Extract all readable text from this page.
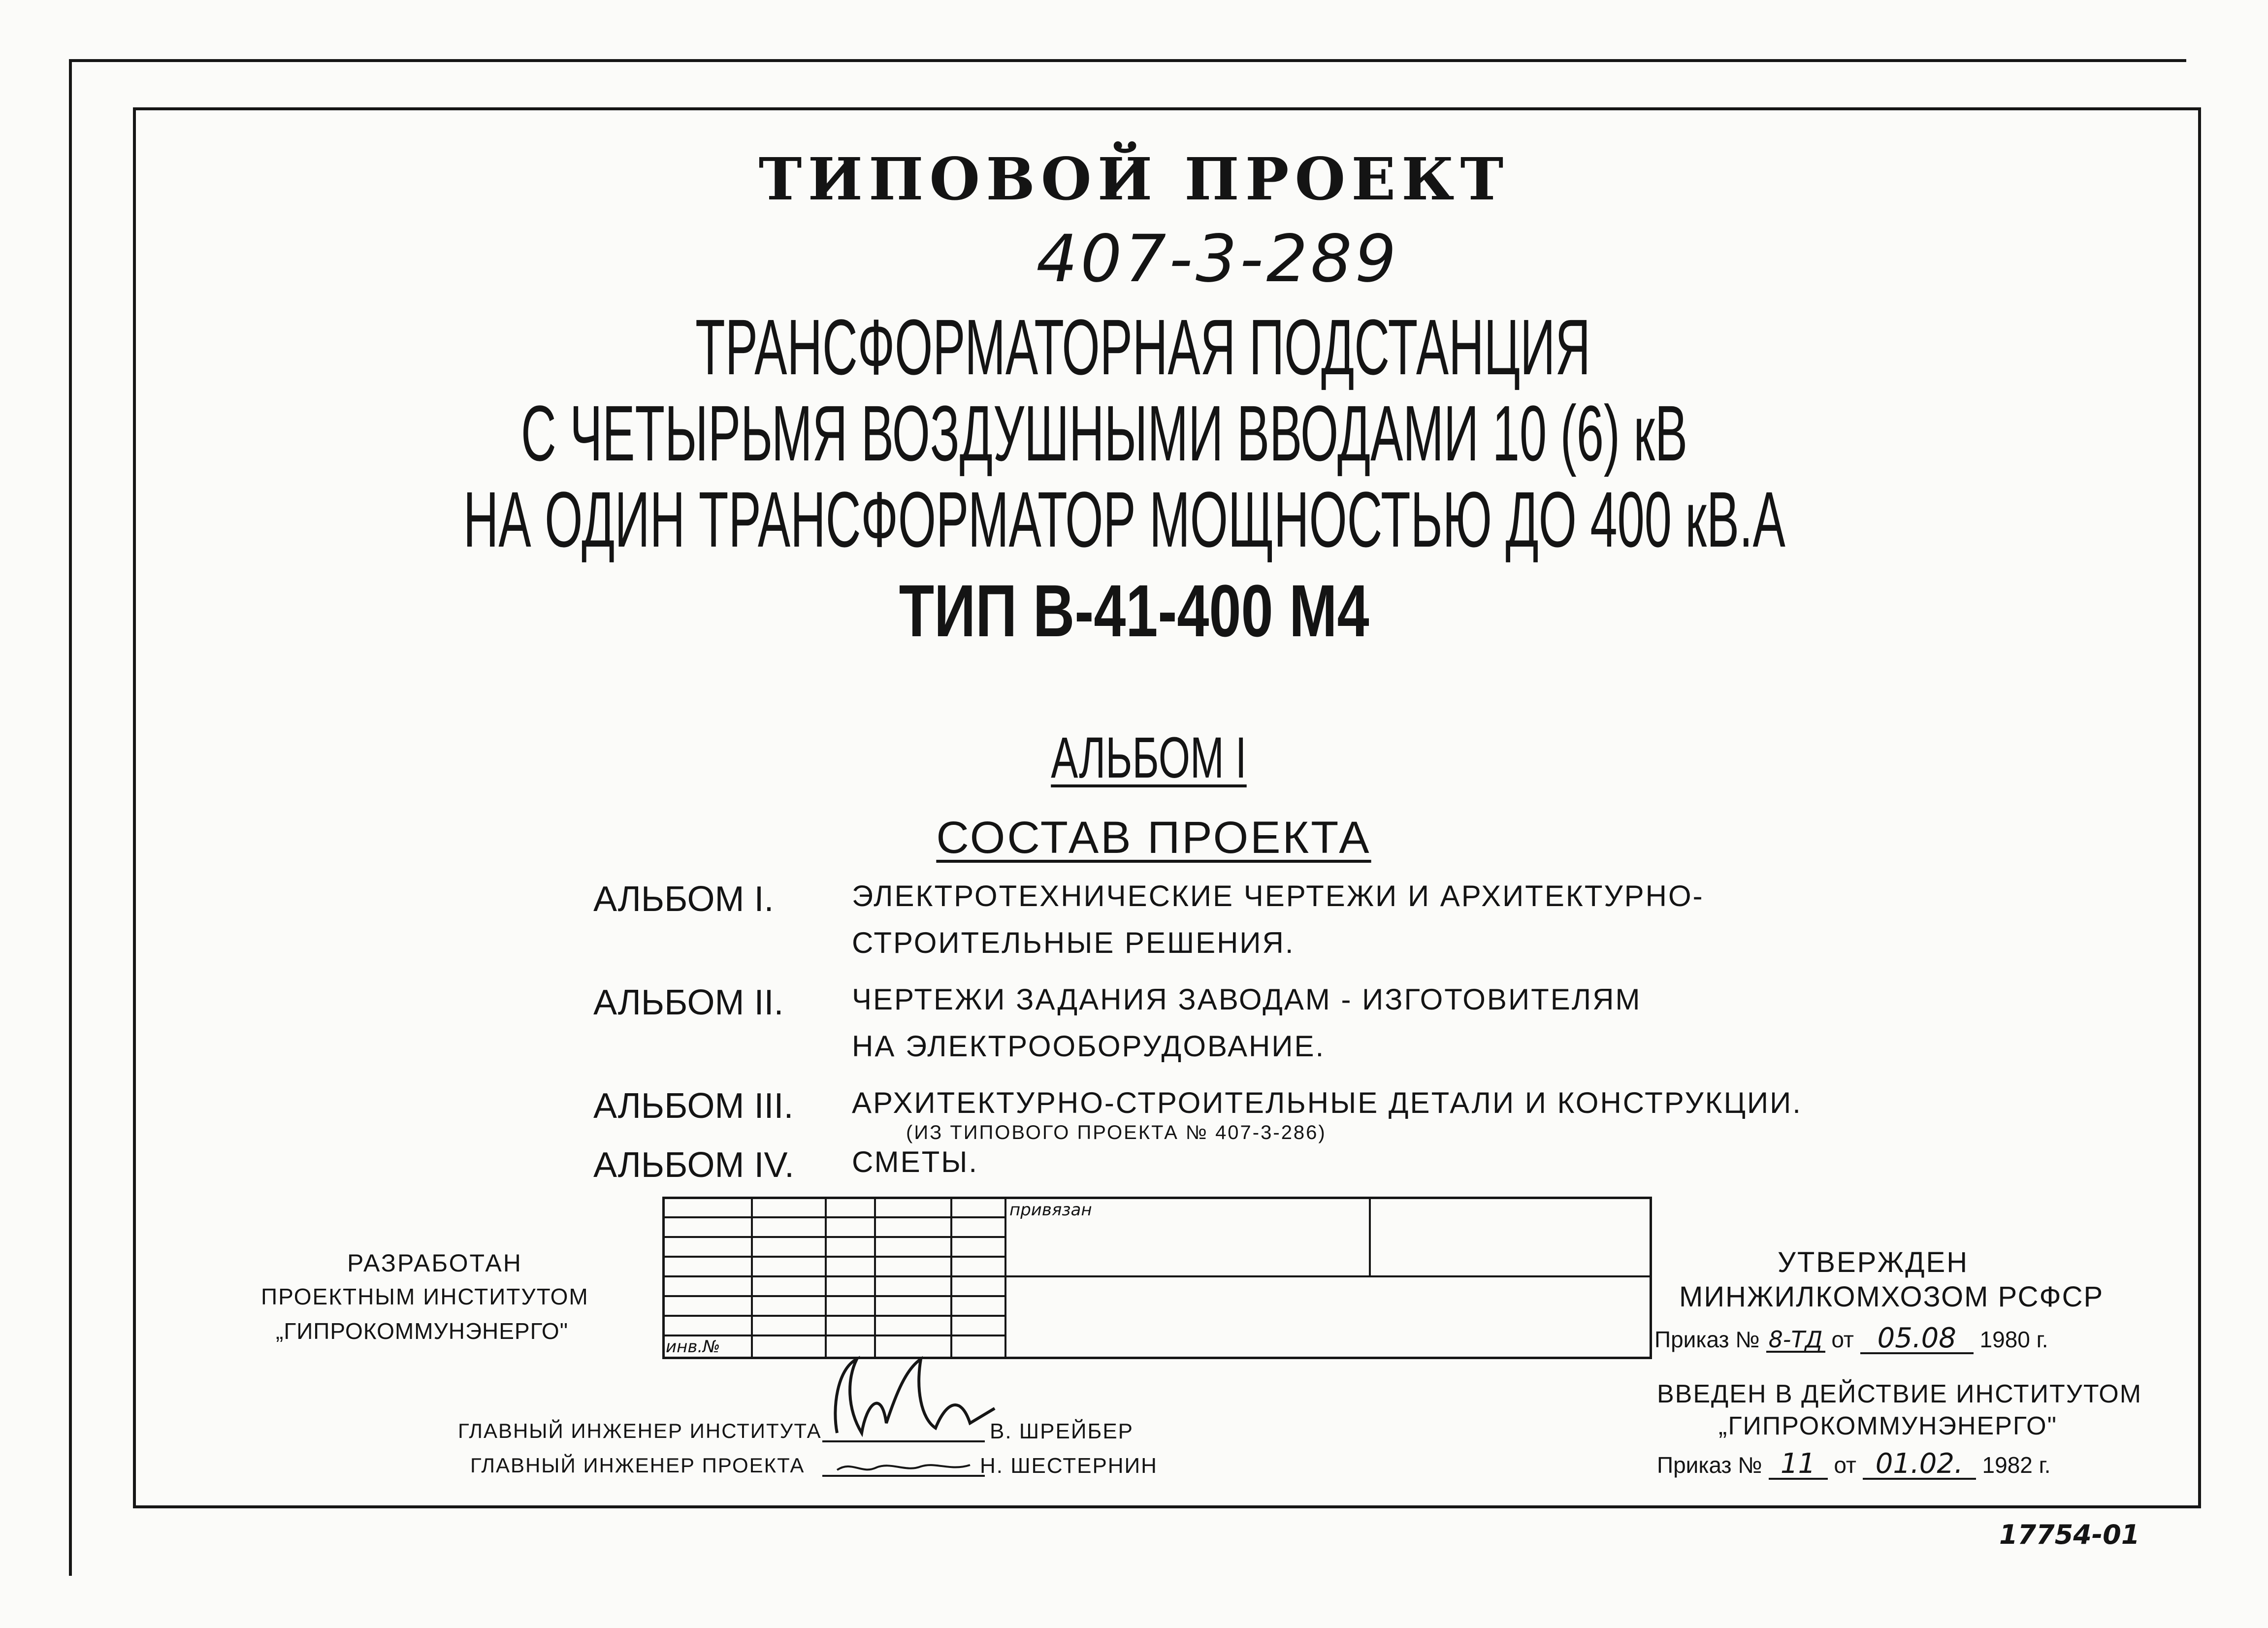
ТИПОВОЙ ПРОЕКТ
407-3-289
ТРАНСФОРМАТОРНАЯ ПОДСТАНЦИЯ
С ЧЕТЫРЬМЯ ВОЗДУШНЫМИ ВВОДАМИ 10 (6) кВ
НА ОДИН ТРАНСФОРМАТОР МОЩНОСТЬЮ ДО 400 кВ.А
ТИП В-41-400 М4
АЛЬБОМ I
СОСТАВ ПРОЕКТА
АЛЬБОМ I.	ЭЛЕКТРОТЕХНИЧЕСКИЕ ЧЕРТЕЖИ И АРХИТЕКТУРНО-
СТРОИТЕЛЬНЫЕ РЕШЕНИЯ.
АЛЬБОМ II. ЧЕРТЕЖИ ЗАДАНИЯ ЗАВОДАМ - ИЗГОТОВИТЕЛЯМ
НА ЭЛЕКТРООБОРУДОВАНИЕ.
АЛЬБОМ III. АРХИТЕКТУРНО-СТРОИТЕЛЬНЫЕ ДЕТАЛИ И КОНСТРУКЦИИ.
(ИЗ ТИПОВОГО ПРОЕКТА № 407-3-286)
АЛЬБОМ IV. СМЕТЫ.
привязан
инв.№
РАЗРАБОТАН
ПРОЕКТНЫМ ИНСТИТУТОМ
„ГИПРОКОММУНЭНЕРГО"
УТВЕРЖДЕН
МИНЖИЛКОМХОЗОМ РСФСР
Приказ № 8-ТД от 05.08 1980 г.
ВВЕДЕН В ДЕЙСТВИЕ ИНСТИТУТОМ
„ГИПРОКОММУНЭНЕРГО"
Приказ № 11 от 01.02. 1982 г.
ГЛАВНЫЙ ИНЖЕНЕР ИНСТИТУТА	В. ШРЕЙБЕР
ГЛАВНЫЙ ИНЖЕНЕР ПРОЕКТА	Н. ШЕСТЕРНИН
17754-01
